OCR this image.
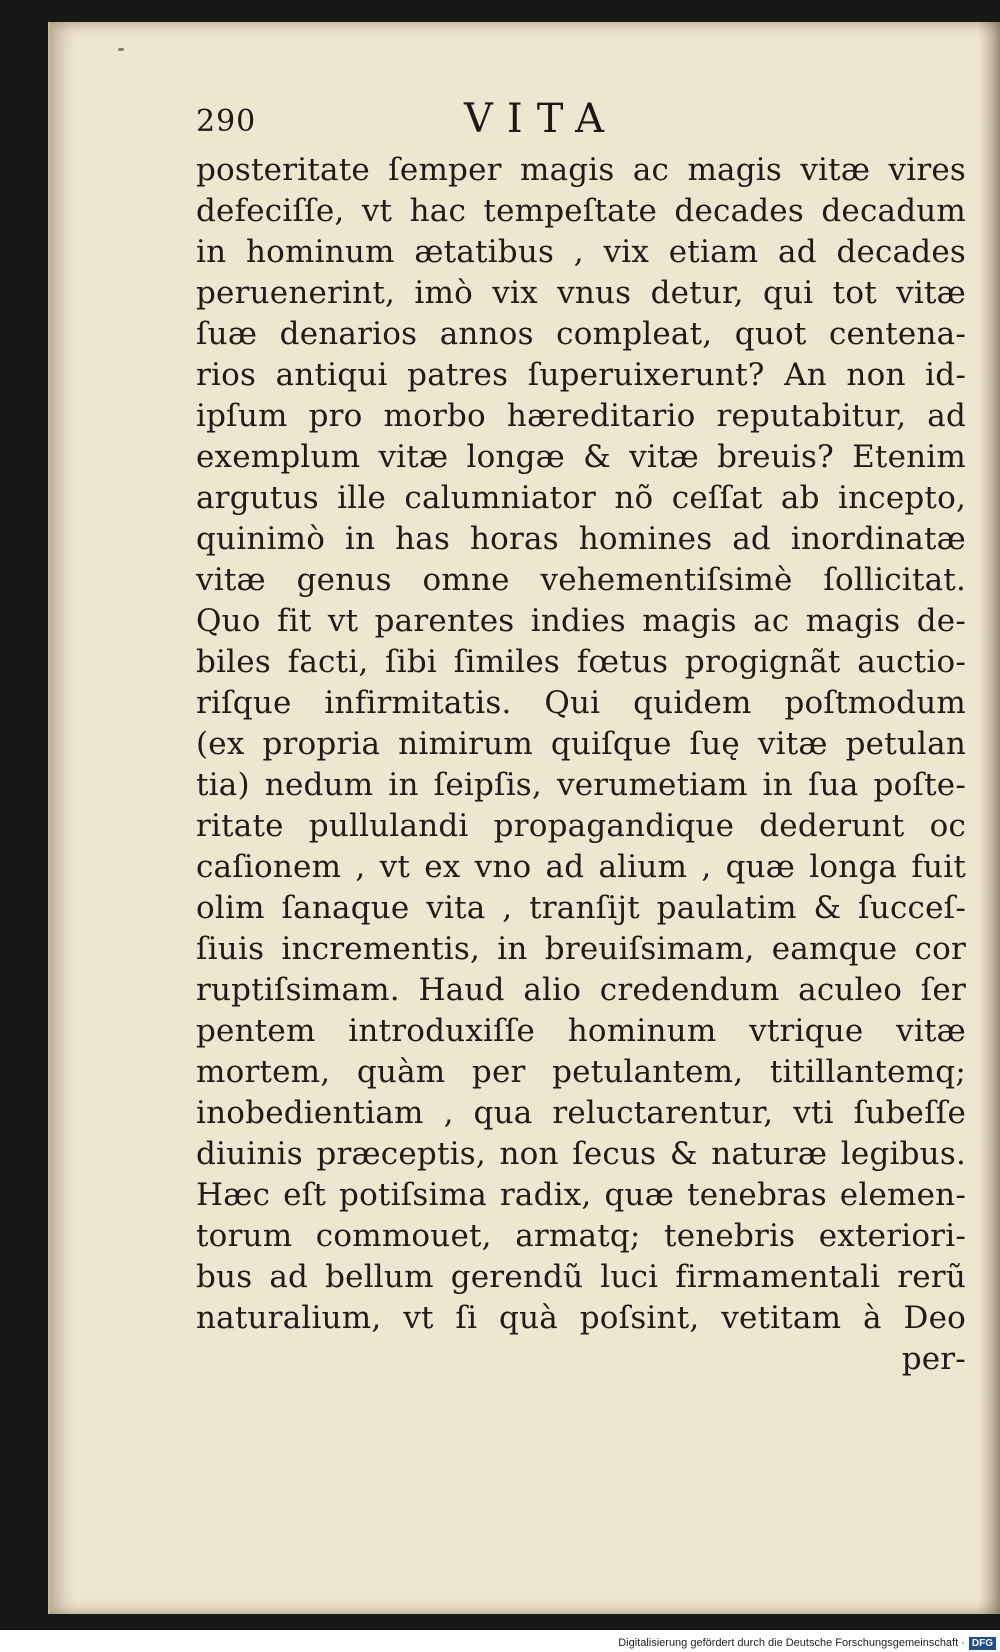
290	VITA
posteritate ſemper magis ac magis vitæ vires
defeciſſe, vt hac tempeſtate decades decadum
in hominum ætatibus , vix etiam ad decades
peruenerint, imò vix vnus detur, qui tot vitæ
ſuæ denarios annos compleat, quot centena-
rios antiqui patres ſuperuixerunt? An non id-
ipſum pro morbo hæreditario reputabitur, ad
exemplum vitæ longæ & vitæ breuis? Etenim
argutus ille calumniator nõ ceſſat ab incepto,
quinimò in has horas homines ad inordinatæ
vitæ genus omne vehementiſsimè ſollicitat.
Quo fit vt parentes indies magis ac magis de-
biles facti, ſibi ſimiles fœtus progignãt auctio-
riſque infirmitatis. Qui quidem poſtmodum
(ex propria nimirum quiſque ſuę vitæ petulan
tia) nedum in ſeipſis, verumetiam in ſua poſte-
ritate pullulandi propagandique dederunt oc
caſionem , vt ex vno ad alium , quæ longa fuit
olim ſanaque vita , tranſijt paulatim & ſucceſ-
ſiuis incrementis, in breuiſsimam, eamque cor
ruptiſsimam. Haud alio credendum aculeo ſer
pentem introduxiſſe hominum vtrique vitæ
mortem, quàm per petulantem, titillantemq;
inobedientiam , qua reluctarentur, vti ſubeſſe
diuinis præceptis, non ſecus & naturæ legibus.
Hæc eſt potiſsima radix, quæ tenebras elemen-
torum commouet, armatq; tenebris exteriori-
bus ad bellum gerendũ luci firmamentali rerũ
naturalium, vt ſi quà poſsint, vetitam à Deo
per-
Digitalisierung gefördert durch die Deutsche Forschungsgemeinschaft · DFG
